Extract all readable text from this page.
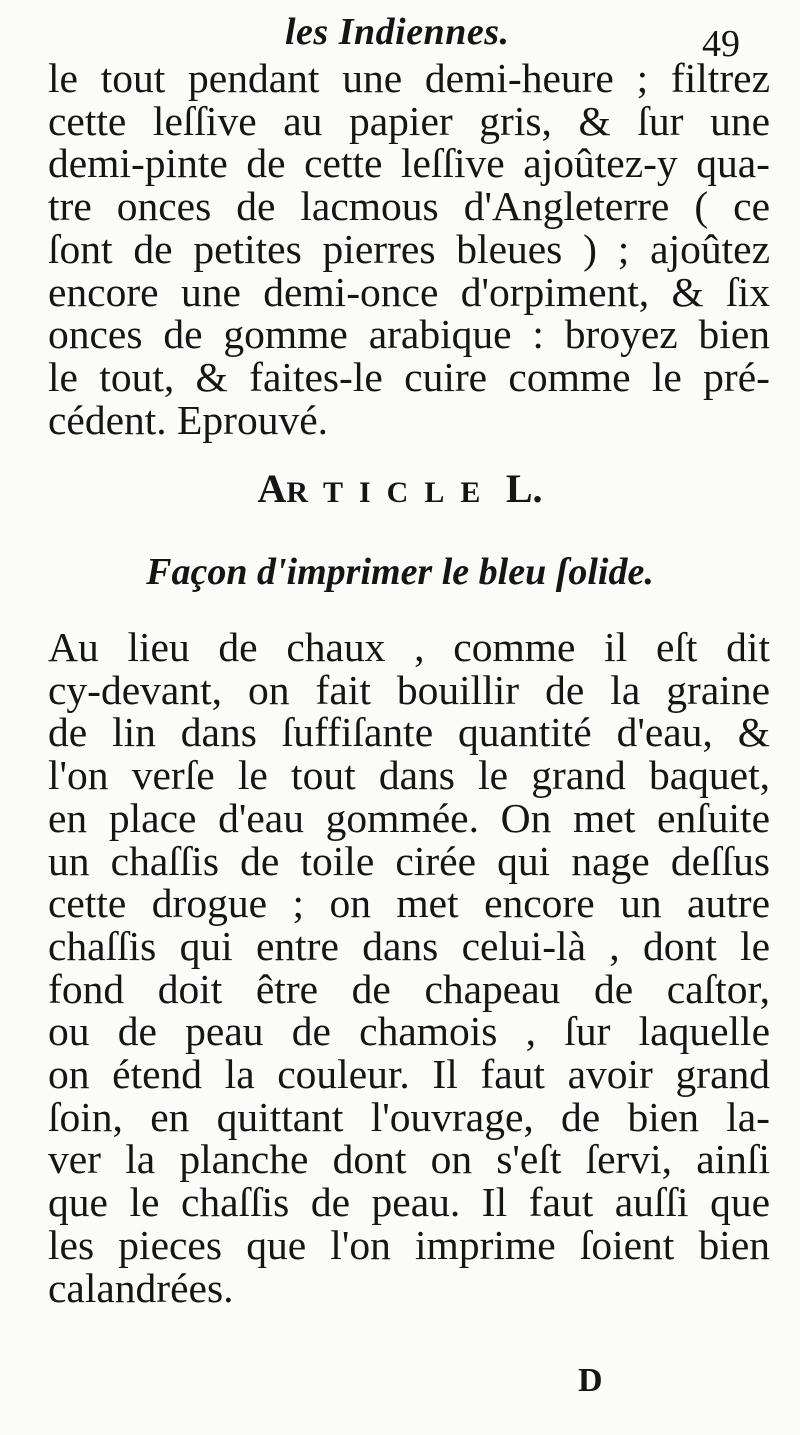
les Indiennes.	49
le tout pendant une demi-heure ; filtrez
cette leſſive au papier gris, & ſur une
demi-pinte de cette leſſive ajoûtez-y qua-
tre onces de lacmous d'Angleterre ( ce
ſont de petites pierres bleues ) ; ajoûtez
encore une demi-once d'orpiment, & ſix
onces de gomme arabique : broyez bien
le tout, & faites-le cuire comme le pré-
cédent. Eprouvé.
ARTICLE L.
Façon d'imprimer le bleu ſolide.
Au lieu de chaux , comme il eſt dit
cy-devant, on fait bouillir de la graine
de lin dans ſuffiſante quantité d'eau, &
l'on verſe le tout dans le grand baquet,
en place d'eau gommée. On met enſuite
un chaſſis de toile cirée qui nage deſſus
cette drogue ; on met encore un autre
chaſſis qui entre dans celui-là , dont le
fond doit être de chapeau de caſtor,
ou de peau de chamois , ſur laquelle
on étend la couleur. Il faut avoir grand
ſoin, en quittant l'ouvrage, de bien la-
ver la planche dont on s'eſt ſervi, ainſi
que le chaſſis de peau. Il faut auſſi que
les pieces que l'on imprime ſoient bien
calandrées.
D
